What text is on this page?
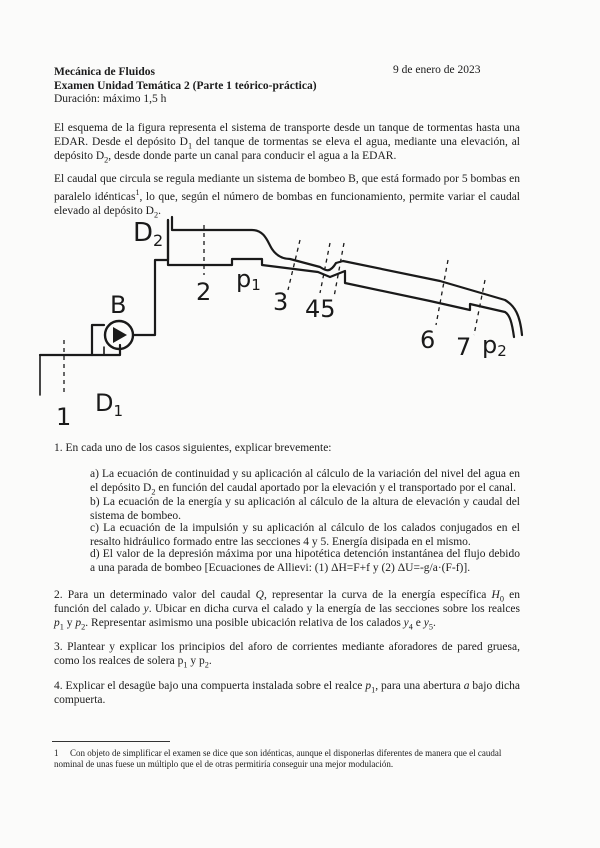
Mecánica de Fluidos
Examen Unidad Temática 2 (Parte 1 teórico-práctica)
Duración: máximo 1,5 h
9 de enero de 2023
El esquema de la figura representa el sistema de transporte desde un tanque de tormentas hasta una EDAR. Desde el depósito $D_1$ del tanque de tormentas se eleva el agua, mediante una elevación, al depósito $D_2$, desde donde parte un canal para conducir el agua a la EDAR.
El caudal que circula se regula mediante un sistema de bombeo B, que está formado por 5 bombas en paralelo idénticas$^1$, lo que, según el número de bombas en funcionamiento, permite variar el caudal elevado al depósito $D_2$.
D2
B
$D_1$
p1
p2
1
2	3 45
6 7
1. En cada uno de los casos siguientes, explicar brevemente:
a) La ecuación de continuidad y su aplicación al cálculo de la variación del nivel del agua en el depósito $D_2$ en función del caudal aportado por la elevación y el transportado por el canal.
b) La ecuación de la energía y su aplicación al cálculo de la altura de elevación y caudal del sistema de bombeo.
c) La ecuación de la impulsión y su aplicación al cálculo de los calados conjugados en el resalto hidráulico formado entre las secciones 4 y 5. Energía disipada en el mismo.
d) El valor de la depresión máxima por una hipotética detención instantánea del flujo debido a una parada de bombeo [Ecuaciones de Allievi: (1) ΔH=F+f y (2) ΔU=-g/a·(F-f)].
2. Para un determinado valor del caudal Q, representar la curva de la energía específica $H_0$ en función del calado y. Ubicar en dicha curva el calado y la energía de las secciones sobre los realces $p_1$ y $p_2$. Representar asimismo una posible ubicación relativa de los calados $y_4$ e $y_5$.
3. Plantear y explicar los principios del aforo de corrientes mediante aforadores de pared gruesa, como los realces de solera $p_1$ y $p_2$.
4. Explicar el desagüe bajo una compuerta instalada sobre el realce $p_1$, para una abertura a bajo dicha compuerta.
1 Con objeto de simplificar el examen se dice que son idénticas, aunque el disponerlas diferentes de manera que el caudal nominal de unas fuese un múltiplo que el de otras permitiría conseguir una mejor modulación.
